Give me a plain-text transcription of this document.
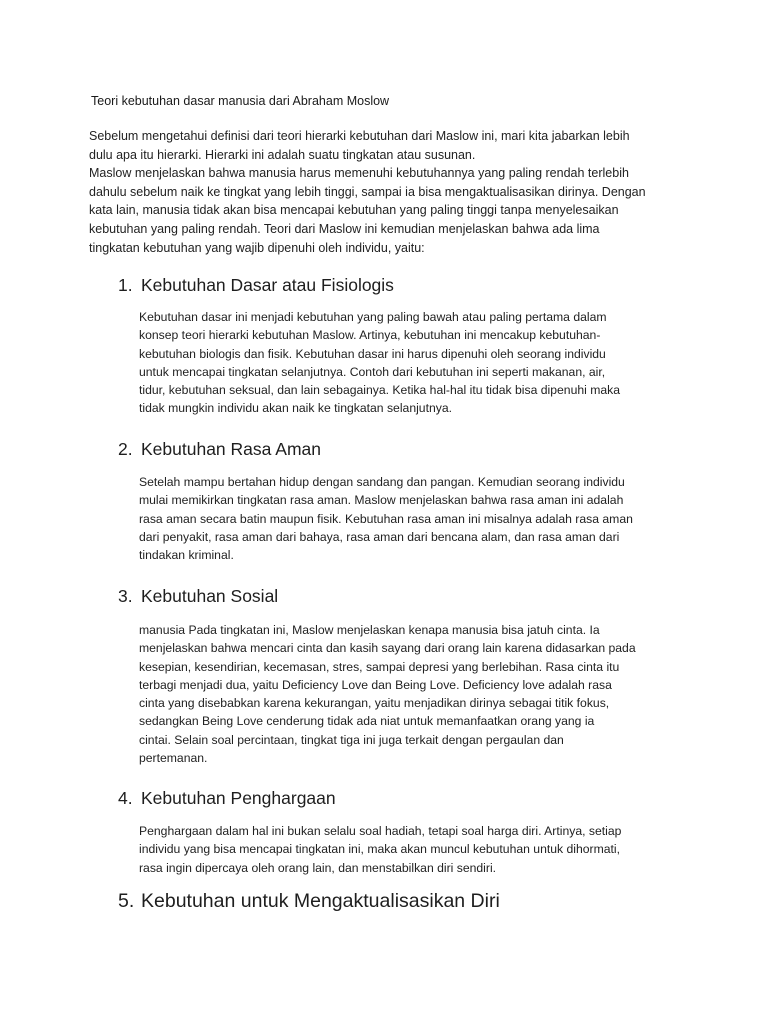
Teori kebutuhan dasar manusia dari Abraham Moslow
Sebelum mengetahui definisi dari teori hierarki kebutuhan dari Maslow ini, mari kita jabarkan lebih
dulu apa itu hierarki. Hierarki ini adalah suatu tingkatan atau susunan.
Maslow menjelaskan bahwa manusia harus memenuhi kebutuhannya yang paling rendah terlebih
dahulu sebelum naik ke tingkat yang lebih tinggi, sampai ia bisa mengaktualisasikan dirinya. Dengan
kata lain, manusia tidak akan bisa mencapai kebutuhan yang paling tinggi tanpa menyelesaikan
kebutuhan yang paling rendah. Teori dari Maslow ini kemudian menjelaskan bahwa ada lima
tingkatan kebutuhan yang wajib dipenuhi oleh individu, yaitu:
1. Kebutuhan Dasar atau Fisiologis
Kebutuhan dasar ini menjadi kebutuhan yang paling bawah atau paling pertama dalam
konsep teori hierarki kebutuhan Maslow. Artinya, kebutuhan ini mencakup kebutuhan-
kebutuhan biologis dan fisik. Kebutuhan dasar ini harus dipenuhi oleh seorang individu
untuk mencapai tingkatan selanjutnya. Contoh dari kebutuhan ini seperti makanan, air,
tidur, kebutuhan seksual, dan lain sebagainya. Ketika hal-hal itu tidak bisa dipenuhi maka
tidak mungkin individu akan naik ke tingkatan selanjutnya.
2. Kebutuhan Rasa Aman
Setelah mampu bertahan hidup dengan sandang dan pangan. Kemudian seorang individu
mulai memikirkan tingkatan rasa aman. Maslow menjelaskan bahwa rasa aman ini adalah
rasa aman secara batin maupun fisik. Kebutuhan rasa aman ini misalnya adalah rasa aman
dari penyakit, rasa aman dari bahaya, rasa aman dari bencana alam, dan rasa aman dari
tindakan kriminal.
3. Kebutuhan Sosial
manusia Pada tingkatan ini, Maslow menjelaskan kenapa manusia bisa jatuh cinta. Ia
menjelaskan bahwa mencari cinta dan kasih sayang dari orang lain karena didasarkan pada
kesepian, kesendirian, kecemasan, stres, sampai depresi yang berlebihan. Rasa cinta itu
terbagi menjadi dua, yaitu Deficiency Love dan Being Love. Deficiency love adalah rasa
cinta yang disebabkan karena kekurangan, yaitu menjadikan dirinya sebagai titik fokus,
sedangkan Being Love cenderung tidak ada niat untuk memanfaatkan orang yang ia
cintai. Selain soal percintaan, tingkat tiga ini juga terkait dengan pergaulan dan
pertemanan.
4. Kebutuhan Penghargaan
Penghargaan dalam hal ini bukan selalu soal hadiah, tetapi soal harga diri. Artinya, setiap
individu yang bisa mencapai tingkatan ini, maka akan muncul kebutuhan untuk dihormati,
rasa ingin dipercaya oleh orang lain, dan menstabilkan diri sendiri.
5. Kebutuhan untuk Mengaktualisasikan Diri
